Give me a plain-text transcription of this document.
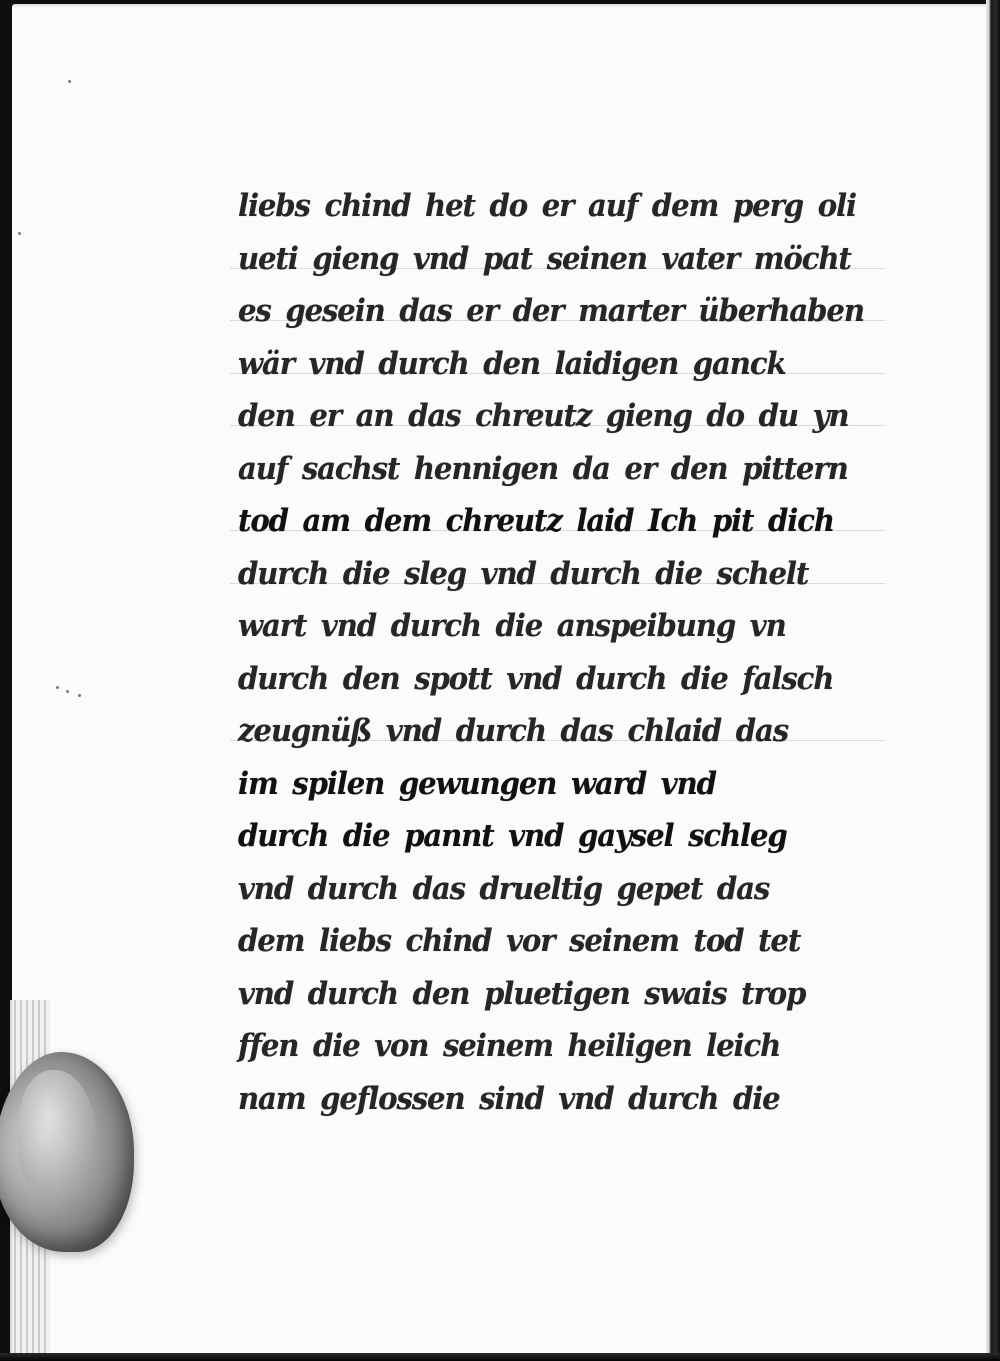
liebs chind het do er auf dem perg oli
ueti gieng vnd pat seinen vater möcht
es gesein das er der marter überhaben
wär vnd durch den laidigen ganck
den er an das chreutz gieng do du yn
auf sachst hennigen da er den pittern
tod am dem chreutz laid Ich pit dich
durch die sleg vnd durch die schelt
wart vnd durch die anspeibung vn
durch den spott vnd durch die falsch
zeugnüß vnd durch das chlaid das
im spilen gewungen ward vnd
durch die pannt vnd gaysel schleg
vnd durch das drueltig gepet das
dem liebs chind vor seinem tod tet
vnd durch den pluetigen swais trop
ffen die von seinem heiligen leich
nam geflossen sind vnd durch die
